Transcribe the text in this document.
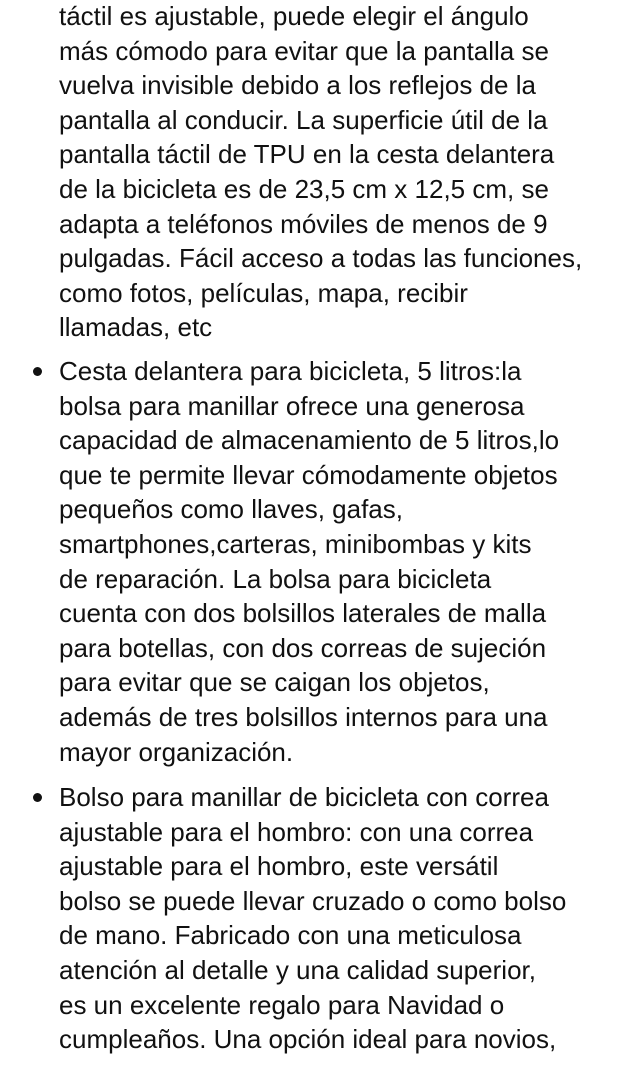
táctil es ajustable, puede elegir el ángulo
más cómodo para evitar que la pantalla se
vuelva invisible debido a los reflejos de la
pantalla al conducir. La superficie útil de la
pantalla táctil de TPU en la cesta delantera
de la bicicleta es de 23,5 cm x 12,5 cm, se
adapta a teléfonos móviles de menos de 9
pulgadas. Fácil acceso a todas las funciones,
como fotos, películas, mapa, recibir
llamadas, etc
Cesta delantera para bicicleta, 5 litros:la
bolsa para manillar ofrece una generosa
capacidad de almacenamiento de 5 litros,lo
que te permite llevar cómodamente objetos
pequeños como llaves, gafas,
smartphones,carteras, minibombas y kits
de reparación. La bolsa para bicicleta
cuenta con dos bolsillos laterales de malla
para botellas, con dos correas de sujeción
para evitar que se caigan los objetos,
además de tres bolsillos internos para una
mayor organización.
Bolso para manillar de bicicleta con correa
ajustable para el hombro: con una correa
ajustable para el hombro, este versátil
bolso se puede llevar cruzado o como bolso
de mano. Fabricado con una meticulosa
atención al detalle y una calidad superior,
es un excelente regalo para Navidad o
cumpleaños. Una opción ideal para novios,
